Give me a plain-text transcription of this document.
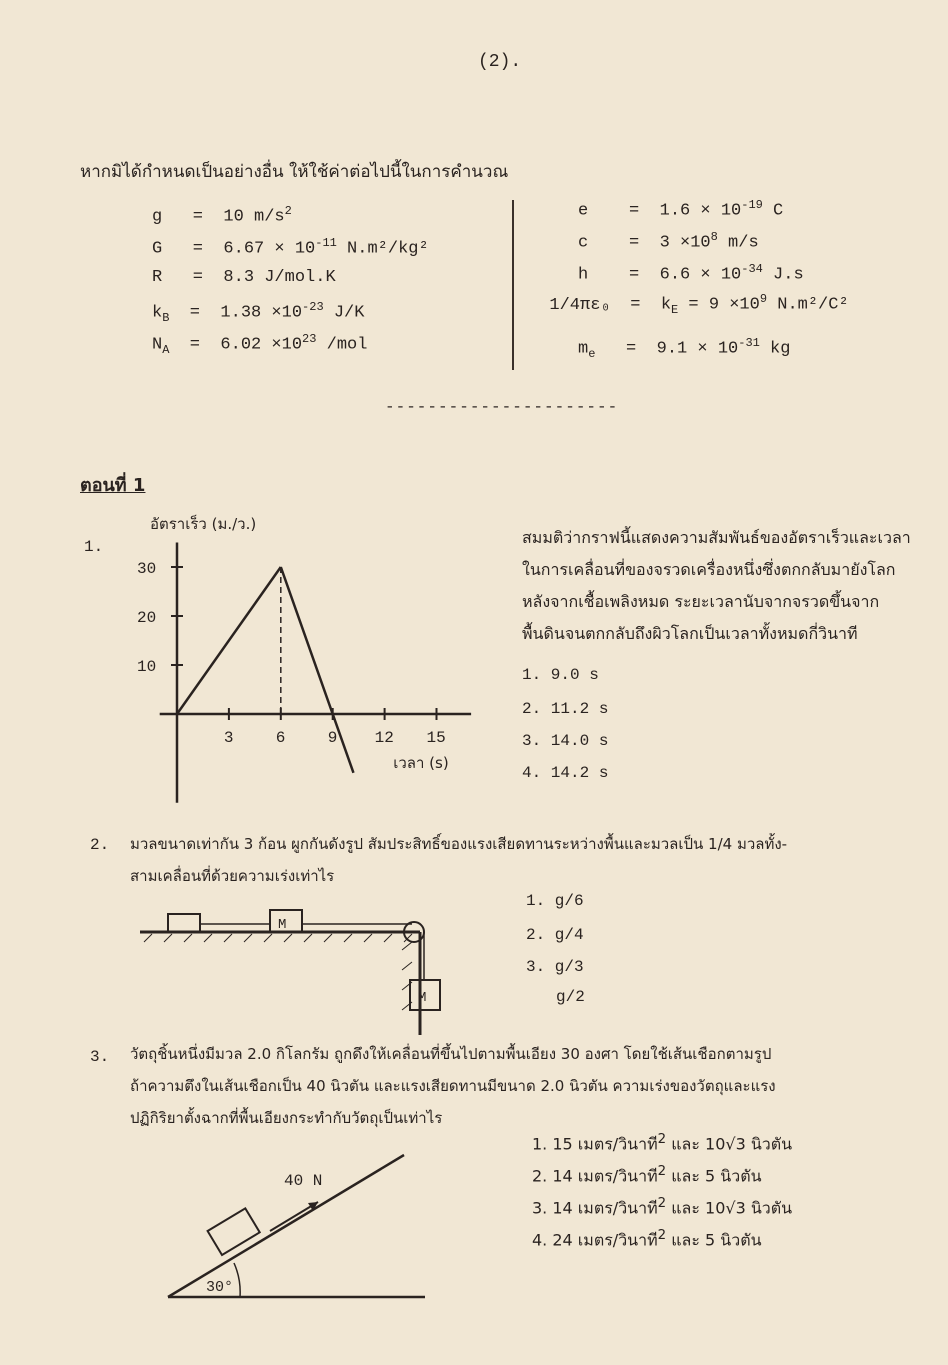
(2).
หากมิได้กำหนดเป็นอย่างอื่น ให้ใช้ค่าต่อไปนี้ในการคำนวณ
g   =  10 $m/s^2$
$G = 6.67 \times 10^{-11}$ N.m²/kg²
R   =  8.3 J/mol.K
$k_B = 1.38 \times 10^{-23}$ J/K
$N_A = 6.02 \times 10^{23}$ /mol
e    =  $1.6 \times 10^{-19}$ C
c    =  $3 \times 10^8$ m/s
h    =  $6.6 \times 10^{-34}$ J.s
$1/4\pi\varepsilon_0 = k_E = 9 \times 10^9$ N.m²/C²
$m_e = 9.1 \times 10^{-31}$ kg
----------------------
ตอนที่ 1
1.
อัตราเร็ว (ม./ว.)
30
20
10
3	6	9 12 15
เวลา (s)
สมมติว่ากราฟนี้แสดงความสัมพันธ์ของอัตราเร็วและเวลา
ในการเคลื่อนที่ของจรวดเครื่องหนึ่งซึ่งตกกลับมายังโลก
หลังจากเชื้อเพลิงหมด ระยะเวลานับจากจรวดขึ้นจาก
พื้นดินจนตกกลับถึงผิวโลกเป็นเวลาทั้งหมดกี่วินาที
1. 9.0 s
2. 11.2 s
3. 14.0 s
4. 14.2 s
2. มวลขนาดเท่ากัน 3 ก้อน ผูกกันดังรูป สัมประสิทธิ์ของแรงเสียดทานระหว่างพื้นและมวลเป็น 1/4 มวลทั้ง-
สามเคลื่อนที่ด้วยความเร่งเท่าไร
M
M
1. g/6
2. g/4
3. g/3
g/2
3. วัตถุชิ้นหนึ่งมีมวล 2.0 กิโลกรัม ถูกดึงให้เคลื่อนที่ขึ้นไปตามพื้นเอียง 30 องศา โดยใช้เส้นเชือกตามรูป
ถ้าความตึงในเส้นเชือกเป็น 40 นิวตัน และแรงเสียดทานมีขนาด 2.0 นิวตัน ความเร่งของวัตถุและแรง
ปฏิกิริยาตั้งฉากที่พื้นเอียงกระทำกับวัตถุเป็นเท่าไร
40 N
30°
1. 15 เมตร/วินาที$^2$ และ 10√3 นิวตัน
2. 14 เมตร/วินาที$^2$ และ 5 นิวตัน
3. 14 เมตร/วินาที$^2$ และ 10√3 นิวตัน
4. 24 เมตร/วินาที$^2$ และ 5 นิวตัน
